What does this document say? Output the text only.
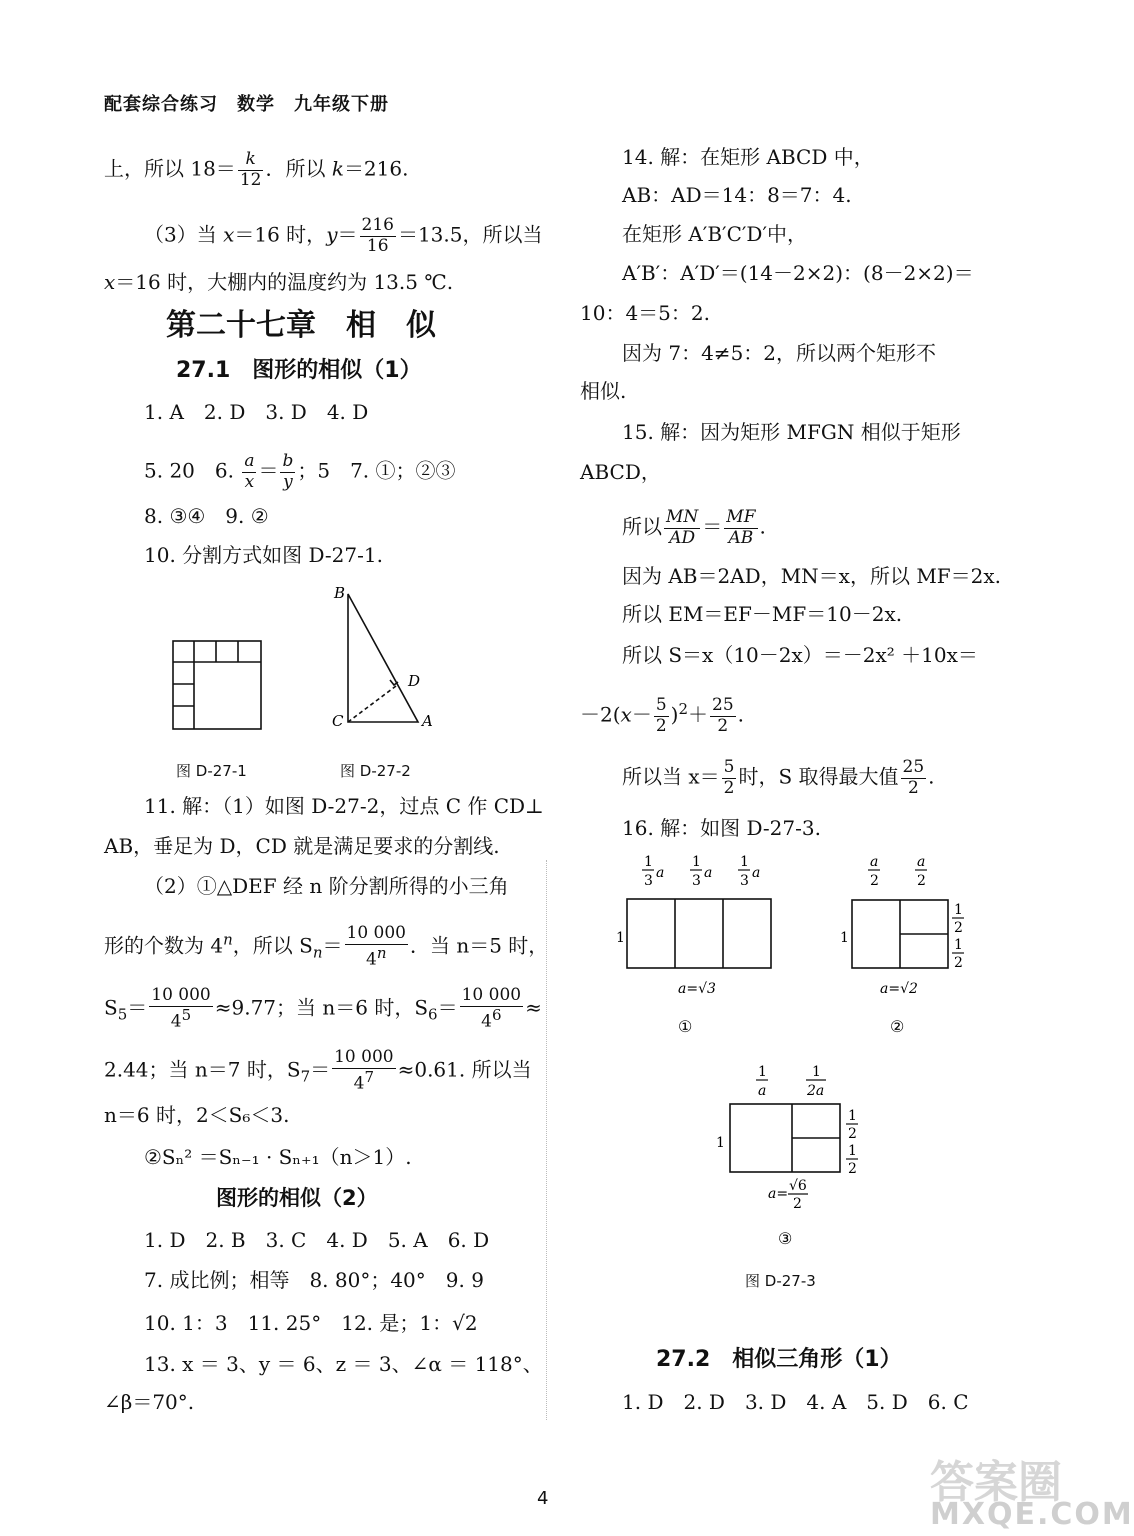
配套综合练习　数学　九年级下册
上，所以 $18= \frac{k}{12}$ ．所以 k＝216.
（3）当 x＝16 时，$y= \frac{216}{16} =13.5$，所以当
x＝16 时，大棚内的温度约为 13.5 ℃.
第二十七章　相　似
27.1　图形的相似（1）
1. A　2. D　3. D　4. D
5. 20　6. $\frac{a}{x} = \frac{b}{y}$ ；5　7. ①；②③
8. ③④　9. ②
10. 分割方式如图 D-27-1.
图 D-27-1
B
C	A
D
图 D-27-2
11. 解：（1）如图 D-27-2，过点 C 作 CD⊥
AB，垂足为 D，CD 就是满足要求的分割线.
（2）①△DEF 经 n 阶分割所得的小三角
形的个数为 4$^n$，所以 $S_n= \frac{10 000}{4^n}$ ．当 n＝5 时，
$S_5= \frac{10 000}{4^5} \approx 9.77$；当 n＝6 时，$S_6= \frac{10 000}{4^6}$ ≈
2.44；当 n＝7 时，$S_7= \frac{10 000}{4^7} \approx 0.61$. 所以当
n＝6 时，2＜S₆＜3.
②Sₙ² ＝Sₙ₋₁ · Sₙ₊₁（n＞1）.
图形的相似（2）
1. D　2. B　3. C　4. D　5. A　6. D
7. 成比例；相等　8. 80°；40°　9. 9
10. 1：3　11. 25°　12. 是；1：√2
13. x ＝ 3、y ＝ 6、z ＝ 3、∠α ＝ 118°、
∠β＝70°.
14. 解：在矩形 ABCD 中，
AB：AD＝14：8＝7：4.
在矩形 A′B′C′D′中，
A′B′：A′D′＝(14－2×2)：(8－2×2)＝
10：4＝5：2.
因为 7：4≠5：2，所以两个矩形不
相似.
15. 解：因为矩形 MFGN 相似于矩形
ABCD，
所以 $\frac{MN}{AD} = \frac{MF}{AB}$ .
因为 AB＝2AD，MN＝x，所以 MF＝2x.
所以 EM＝EF－MF＝10－2x.
所以 S＝x（10－2x）＝－2x² ＋10x＝
$-2(x- \frac{5}{2} )^2+ \frac{25}{2}$ .
所以当 $x= \frac{5}{2}$ 时，S 取得最大值 $\frac{25}{2}$ .
16. 解：如图 D-27-3.
1
3 a
1
3 a
1
3 a
1
a=√3
①
a
2
a
2
1
1
2
1
2
a=√2
②
1
a
1
2a
1
1
2
1
2
a= √6
2
③
图 D-27-3
27.2　相似三角形（1）
1. D　2. D　3. D　4. A　5. D　6. C
4	答案圈
MXQE.COM
